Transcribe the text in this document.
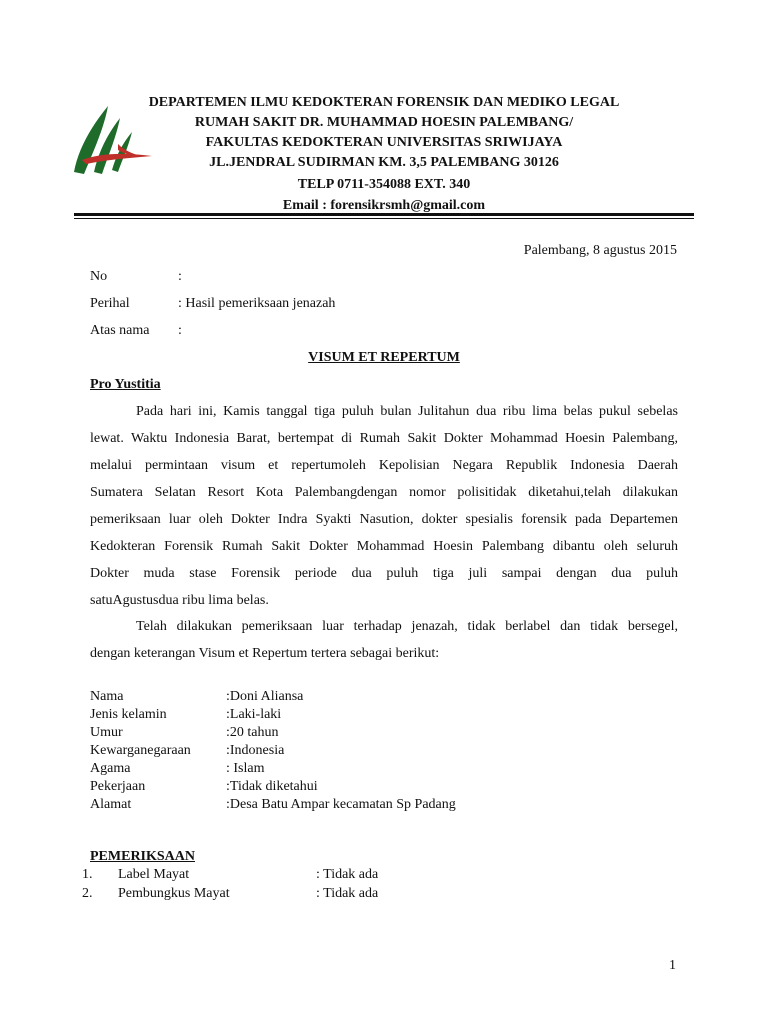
DEPARTEMEN ILMU KEDOKTERAN FORENSIK DAN MEDIKO LEGAL
RUMAH SAKIT DR. MUHAMMAD HOESIN PALEMBANG/
FAKULTAS KEDOKTERAN UNIVERSITAS SRIWIJAYA
JL.JENDRAL SUDIRMAN KM. 3,5 PALEMBANG 30126
TELP 0711-354088 EXT. 340
Email : forensikrsmh@gmail.com
Palembang, 8 agustus 2015
No	:
Perihal	: Hasil pemeriksaan jenazah
Atas nama :
VISUM ET REPERTUM
Pro Yustitia
Pada hari ini, Kamis tanggal tiga puluh bulan Julitahun dua ribu lima belas pukul sebelas
lewat. Waktu Indonesia Barat, bertempat di Rumah Sakit Dokter Mohammad Hoesin Palembang,
melalui permintaan visum et repertumoleh Kepolisian Negara Republik Indonesia Daerah
Sumatera Selatan Resort Kota Palembangdengan nomor polisitidak diketahui,telah dilakukan
pemeriksaan luar oleh Dokter Indra Syakti Nasution, dokter spesialis forensik pada Departemen
Kedokteran Forensik Rumah Sakit Dokter Mohammad Hoesin Palembang dibantu oleh seluruh
Dokter muda stase Forensik periode dua puluh tiga juli sampai dengan dua puluh
satuAgustusdua ribu lima belas.
Telah dilakukan pemeriksaan luar terhadap jenazah, tidak berlabel dan tidak bersegel,
dengan keterangan Visum et Repertum tertera sebagai berikut:
Nama	:Doni Aliansa
Jenis kelamin	:Laki-laki
Umur	:20 tahun
Kewarganegaraan	:Indonesia
Agama	: Islam
Pekerjaan	:Tidak diketahui
Alamat	:Desa Batu Ampar kecamatan Sp Padang
PEMERIKSAAN
1. Label Mayat	: Tidak ada
2. Pembungkus Mayat	: Tidak ada
1
